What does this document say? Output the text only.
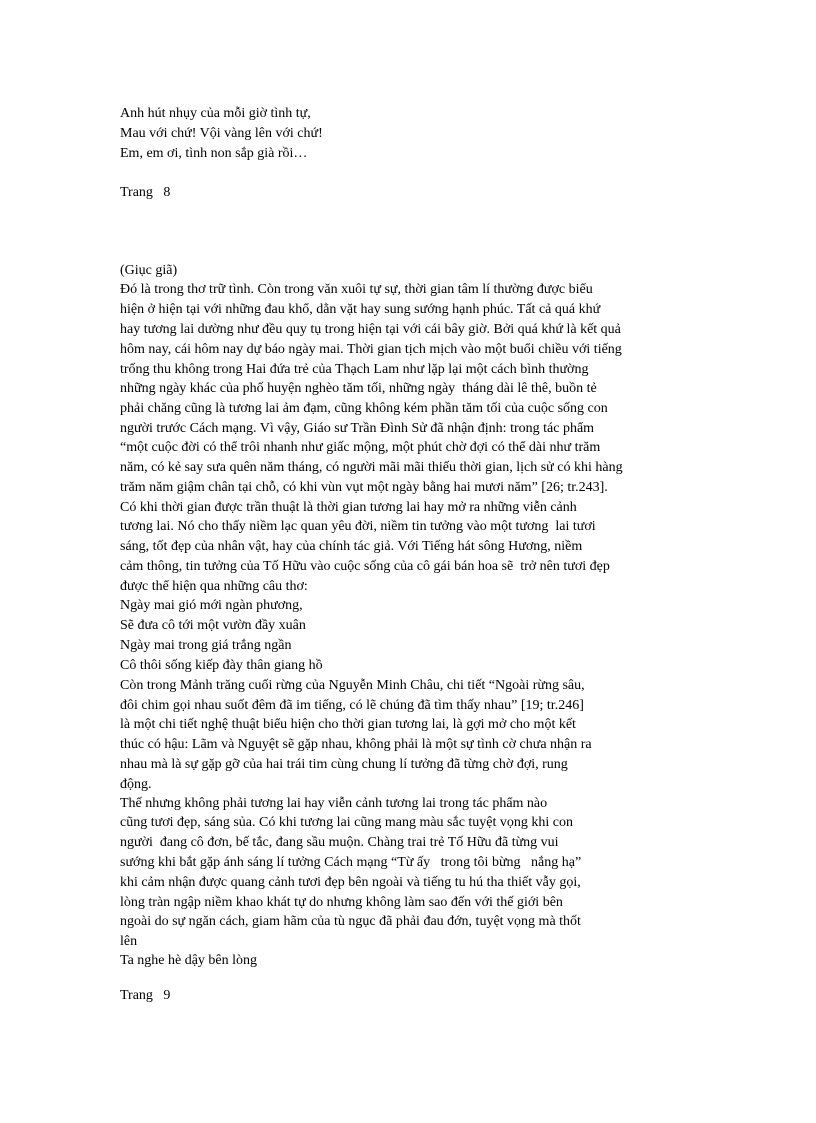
Anh hút nhụy của mỗi giờ tình tự,
Mau với chứ! Vội vàng lên với chứ!
Em, em ơi, tình non sắp già rồi…
Trang   8
(Giục giã)
Đó là trong thơ trữ tình. Còn trong văn xuôi tự sự, thời gian tâm lí thường được biểu
hiện ở hiện tại với những đau khổ, dằn vặt hay sung sướng hạnh phúc. Tất cả quá khứ
hay tương lai dường như đều quy tụ trong hiện tại với cái bây giờ. Bởi quá khứ là kết quả
hôm nay, cái hôm nay dự báo ngày mai. Thời gian tịch mịch vào một buổi chiều với tiếng
trống thu không trong Hai đứa trẻ của Thạch Lam như lặp lại một cách bình thường
những ngày khác của phố huyện nghèo tăm tối, những ngày  tháng dài lê thê, buồn tẻ
phải chăng cũng là tương lai ảm đạm, cũng không kém phần tăm tối của cuộc sống con
người trước Cách mạng. Vì vậy, Giáo sư Trần Đình Sử đã nhận định: trong tác phẩm
“một cuộc đời có thể trôi nhanh như giấc mộng, một phút chờ đợi có thể dài như trăm
năm, có kẻ say sưa quên năm tháng, có người mãi mãi thiếu thời gian, lịch sử có khi hàng
trăm năm giậm chân tại chỗ, có khi vùn vụt một ngày bằng hai mươi năm” [26; tr.243].
Có khi thời gian được trần thuật là thời gian tương lai hay mở ra những viễn cảnh
tương lai. Nó cho thấy niềm lạc quan yêu đời, niềm tin tưởng vào một tương  lai tươi
sáng, tốt đẹp của nhân vật, hay của chính tác giả. Với Tiếng hát sông Hương, niềm
cảm thông, tin tưởng của Tố Hữu vào cuộc sống của cô gái bán hoa sẽ  trở nên tươi đẹp
được thể hiện qua những câu thơ:
Ngày mai gió mới ngàn phương,
Sẽ đưa cô tới một vườn đầy xuân
Ngày mai trong giá trắng ngần
Cô thôi sống kiếp đày thân giang hồ
Còn trong Mảnh trăng cuối rừng của Nguyễn Minh Châu, chi tiết “Ngoài rừng sâu,
đôi chim gọi nhau suốt đêm đã im tiếng, có lẽ chúng đã tìm thấy nhau” [19; tr.246]
là một chi tiết nghệ thuật biểu hiện cho thời gian tương lai, là gợi mở cho một kết
thúc có hậu: Lãm và Nguyệt sẽ gặp nhau, không phải là một sự tình cờ chưa nhận ra
nhau mà là sự gặp gỡ của hai trái tim cùng chung lí tưởng đã từng chờ đợi, rung
động.
Thế nhưng không phải tương lai hay viễn cảnh tương lai trong tác phẩm nào
cũng tươi đẹp, sáng sủa. Có khi tương lai cũng mang màu sắc tuyệt vọng khi con
người  đang cô đơn, bế tắc, đang sầu muộn. Chàng trai trẻ Tố Hữu đã từng vui
sướng khi bắt gặp ánh sáng lí tưởng Cách mạng “Từ ấy   trong tôi bừng   nắng hạ”
khi cảm nhận được quang cảnh tươi đẹp bên ngoài và tiếng tu hú tha thiết vẫy gọi,
lòng tràn ngập niềm khao khát tự do nhưng không làm sao đến với thế giới bên
ngoài do sự ngăn cách, giam hãm của tù ngục đã phải đau đớn, tuyệt vọng mà thốt
lên
Ta nghe hè dậy bên lòng
Trang   9
